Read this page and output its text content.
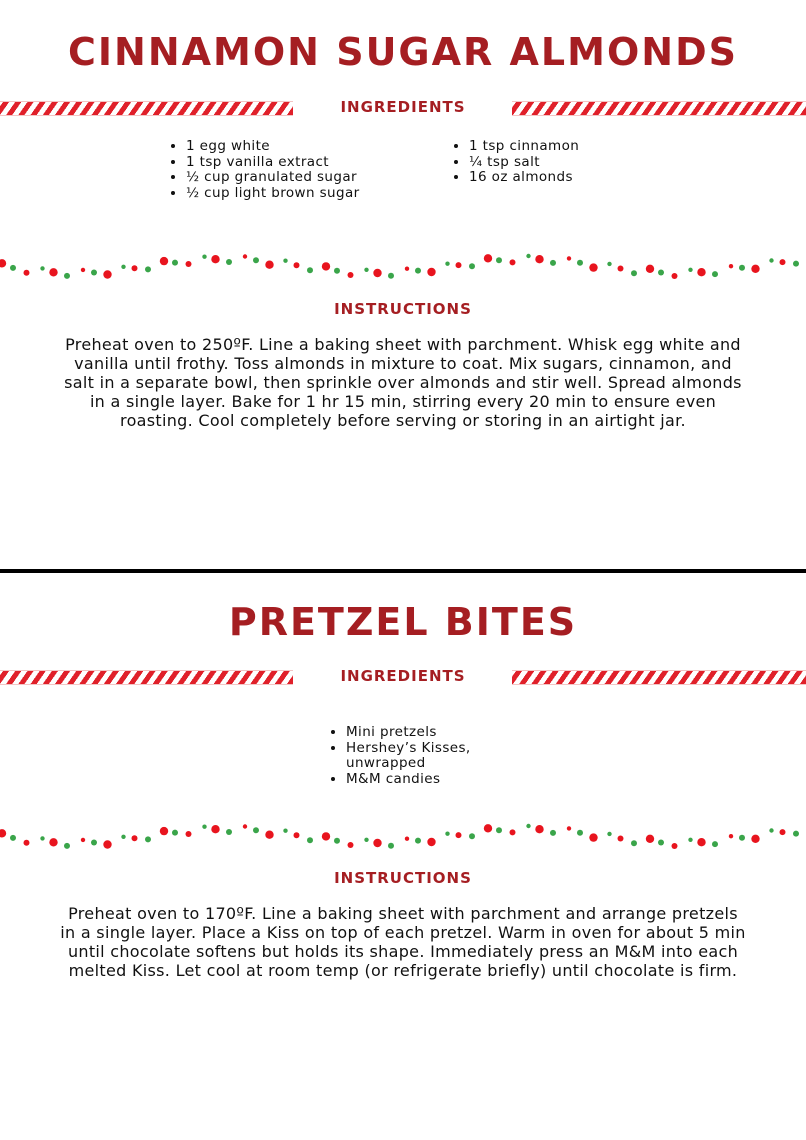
CINNAMON SUGAR ALMONDS
INGREDIENTS
• 1 egg white
• 1 tsp vanilla extract
• ½ cup granulated sugar
• ½ cup light brown sugar
• 1 tsp cinnamon
• ¼ tsp salt
• 16 oz almonds
INSTRUCTIONS

Preheat oven to 250ºF. Line a baking sheet with parchment. Whisk egg white and vanilla until frothy. Toss almonds in mixture to coat. Mix sugars, cinnamon, and salt in a separate bowl, then sprinkle over almonds and stir well. Spread almonds in a single layer. Bake for 1 hr 15 min, stirring every 20 min to ensure even roasting. Cool completely before serving or storing in an airtight jar.

PRETZEL BITES
INGREDIENTS
• Mini pretzels
• Hershey’s Kisses, unwrapped
• M&M candies
INSTRUCTIONS

Preheat oven to 170ºF. Line a baking sheet with parchment and arrange pretzels in a single layer. Place a Kiss on top of each pretzel. Warm in oven for about 5 min until chocolate softens but holds its shape. Immediately press an M&M into each melted Kiss. Let cool at room temp (or refrigerate briefly) until chocolate is firm.
